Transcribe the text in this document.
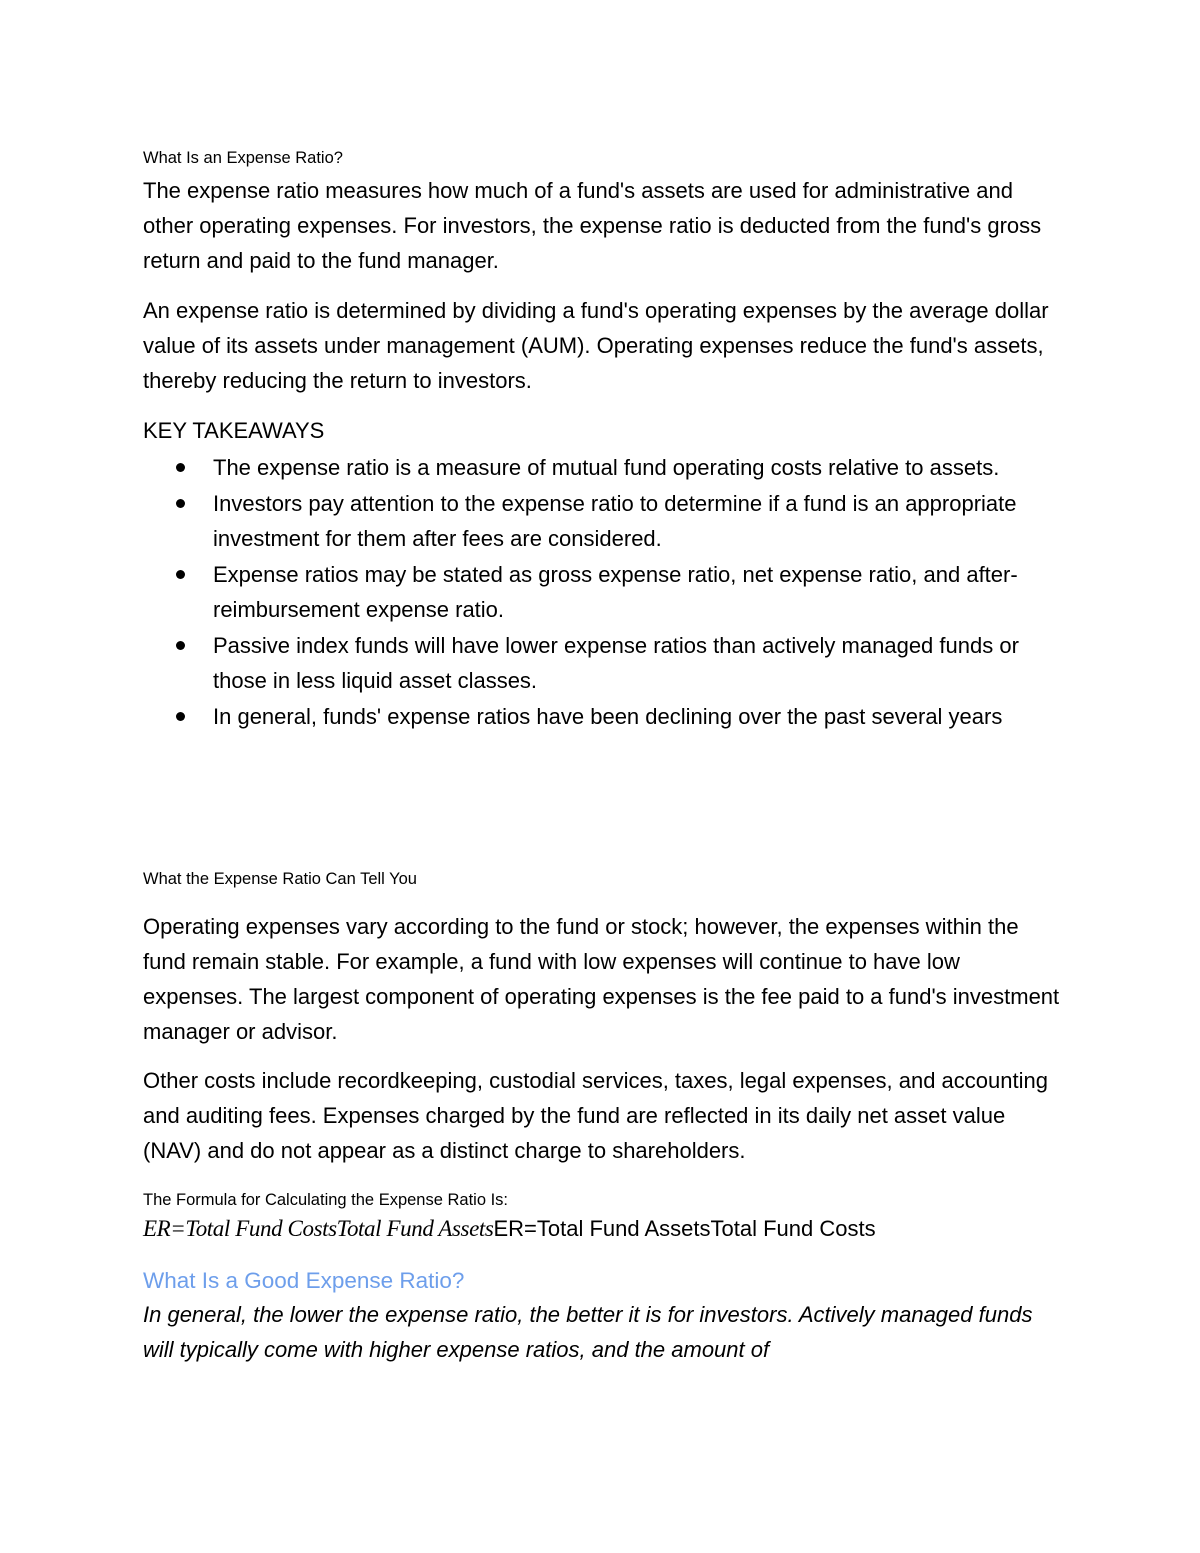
What Is an Expense Ratio?

The expense ratio measures how much of a fund's assets are used for administrative and other operating expenses. For investors, the expense ratio is deducted from the fund's gross return and paid to the fund manager.

An expense ratio is determined by dividing a fund's operating expenses by the average dollar value of its assets under management (AUM). Operating expenses reduce the fund's assets, thereby reducing the return to investors.

KEY TAKEAWAYS

The expense ratio is a measure of mutual fund operating costs relative to assets.
Investors pay attention to the expense ratio to determine if a fund is an appropriate investment for them after fees are considered.
Expense ratios may be stated as gross expense ratio, net expense ratio, and after-reimbursement expense ratio.
Passive index funds will have lower expense ratios than actively managed funds or those in less liquid asset classes.
In general, funds' expense ratios have been declining over the past several years
What the Expense Ratio Can Tell You

Operating expenses vary according to the fund or stock; however, the expenses within the fund remain stable. For example, a fund with low expenses will continue to have low expenses. The largest component of operating expenses is the fee paid to a fund's investment manager or advisor.

Other costs include recordkeeping, custodial services, taxes, legal expenses, and accounting and auditing fees. Expenses charged by the fund are reflected in its daily net asset value (NAV) and do not appear as a distinct charge to shareholders.

The Formula for Calculating the Expense Ratio Is:
ER=Total Fund CostsTotal Fund AssetsER=Total Fund AssetsTotal Fund Costs
What Is a Good Expense Ratio?

In general, the lower the expense ratio, the better it is for investors. Actively managed funds will typically come with higher expense ratios, and the amount of
